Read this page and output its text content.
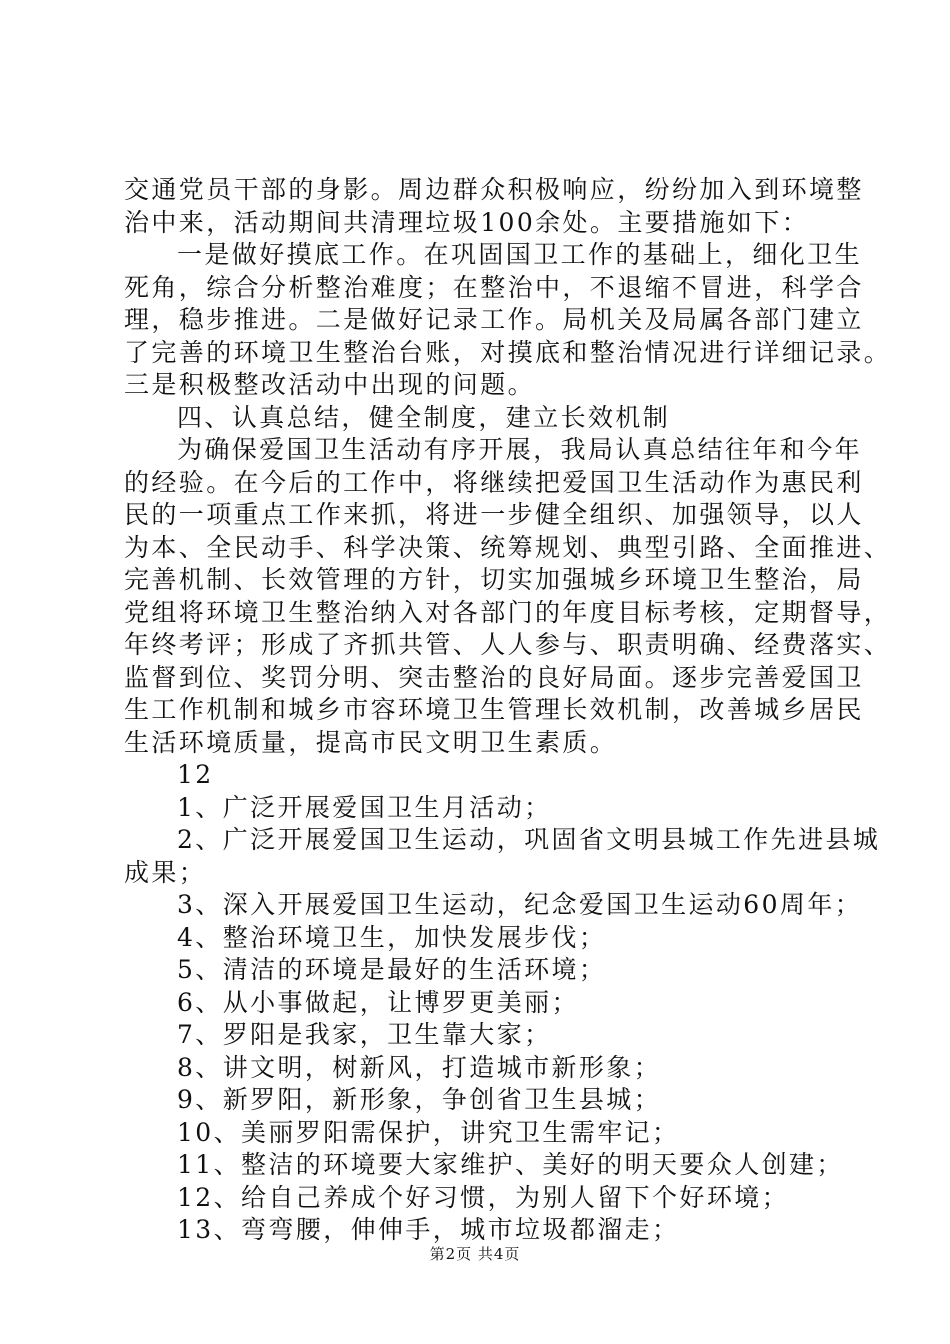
交通党员干部的身影。周边群众积极响应，纷纷加入到环境整
治中来，活动期间共清理垃圾100余处。主要措施如下：
一是做好摸底工作。在巩固国卫工作的基础上，细化卫生
死角，综合分析整治难度；在整治中，不退缩不冒进，科学合
理，稳步推进。二是做好记录工作。局机关及局属各部门建立
了完善的环境卫生整治台账，对摸底和整治情况进行详细记录。
三是积极整改活动中出现的问题。
四、认真总结，健全制度，建立长效机制
为确保爱国卫生活动有序开展，我局认真总结往年和今年
的经验。在今后的工作中，将继续把爱国卫生活动作为惠民利
民的一项重点工作来抓，将进一步健全组织、加强领导，以人
为本、全民动手、科学决策、统筹规划、典型引路、全面推进、
完善机制、长效管理的方针，切实加强城乡环境卫生整治，局
党组将环境卫生整治纳入对各部门的年度目标考核，定期督导，
年终考评；形成了齐抓共管、人人参与、职责明确、经费落实、
监督到位、奖罚分明、突击整治的良好局面。逐步完善爱国卫
生工作机制和城乡市容环境卫生管理长效机制，改善城乡居民
生活环境质量，提高市民文明卫生素质。
12
1、广泛开展爱国卫生月活动；
2、广泛开展爱国卫生运动，巩固省文明县城工作先进县城
成果；
3、深入开展爱国卫生运动，纪念爱国卫生运动60周年；
4、整治环境卫生，加快发展步伐；
5、清洁的环境是最好的生活环境；
6、从小事做起，让博罗更美丽；
7、罗阳是我家，卫生靠大家；
8、讲文明，树新风，打造城市新形象；
9、新罗阳，新形象，争创省卫生县城；
10、美丽罗阳需保护，讲究卫生需牢记；
11、整洁的环境要大家维护、美好的明天要众人创建；
12、给自己养成个好习惯，为别人留下个好环境；
13、弯弯腰，伸伸手，城市垃圾都溜走；
第2页 共4页
